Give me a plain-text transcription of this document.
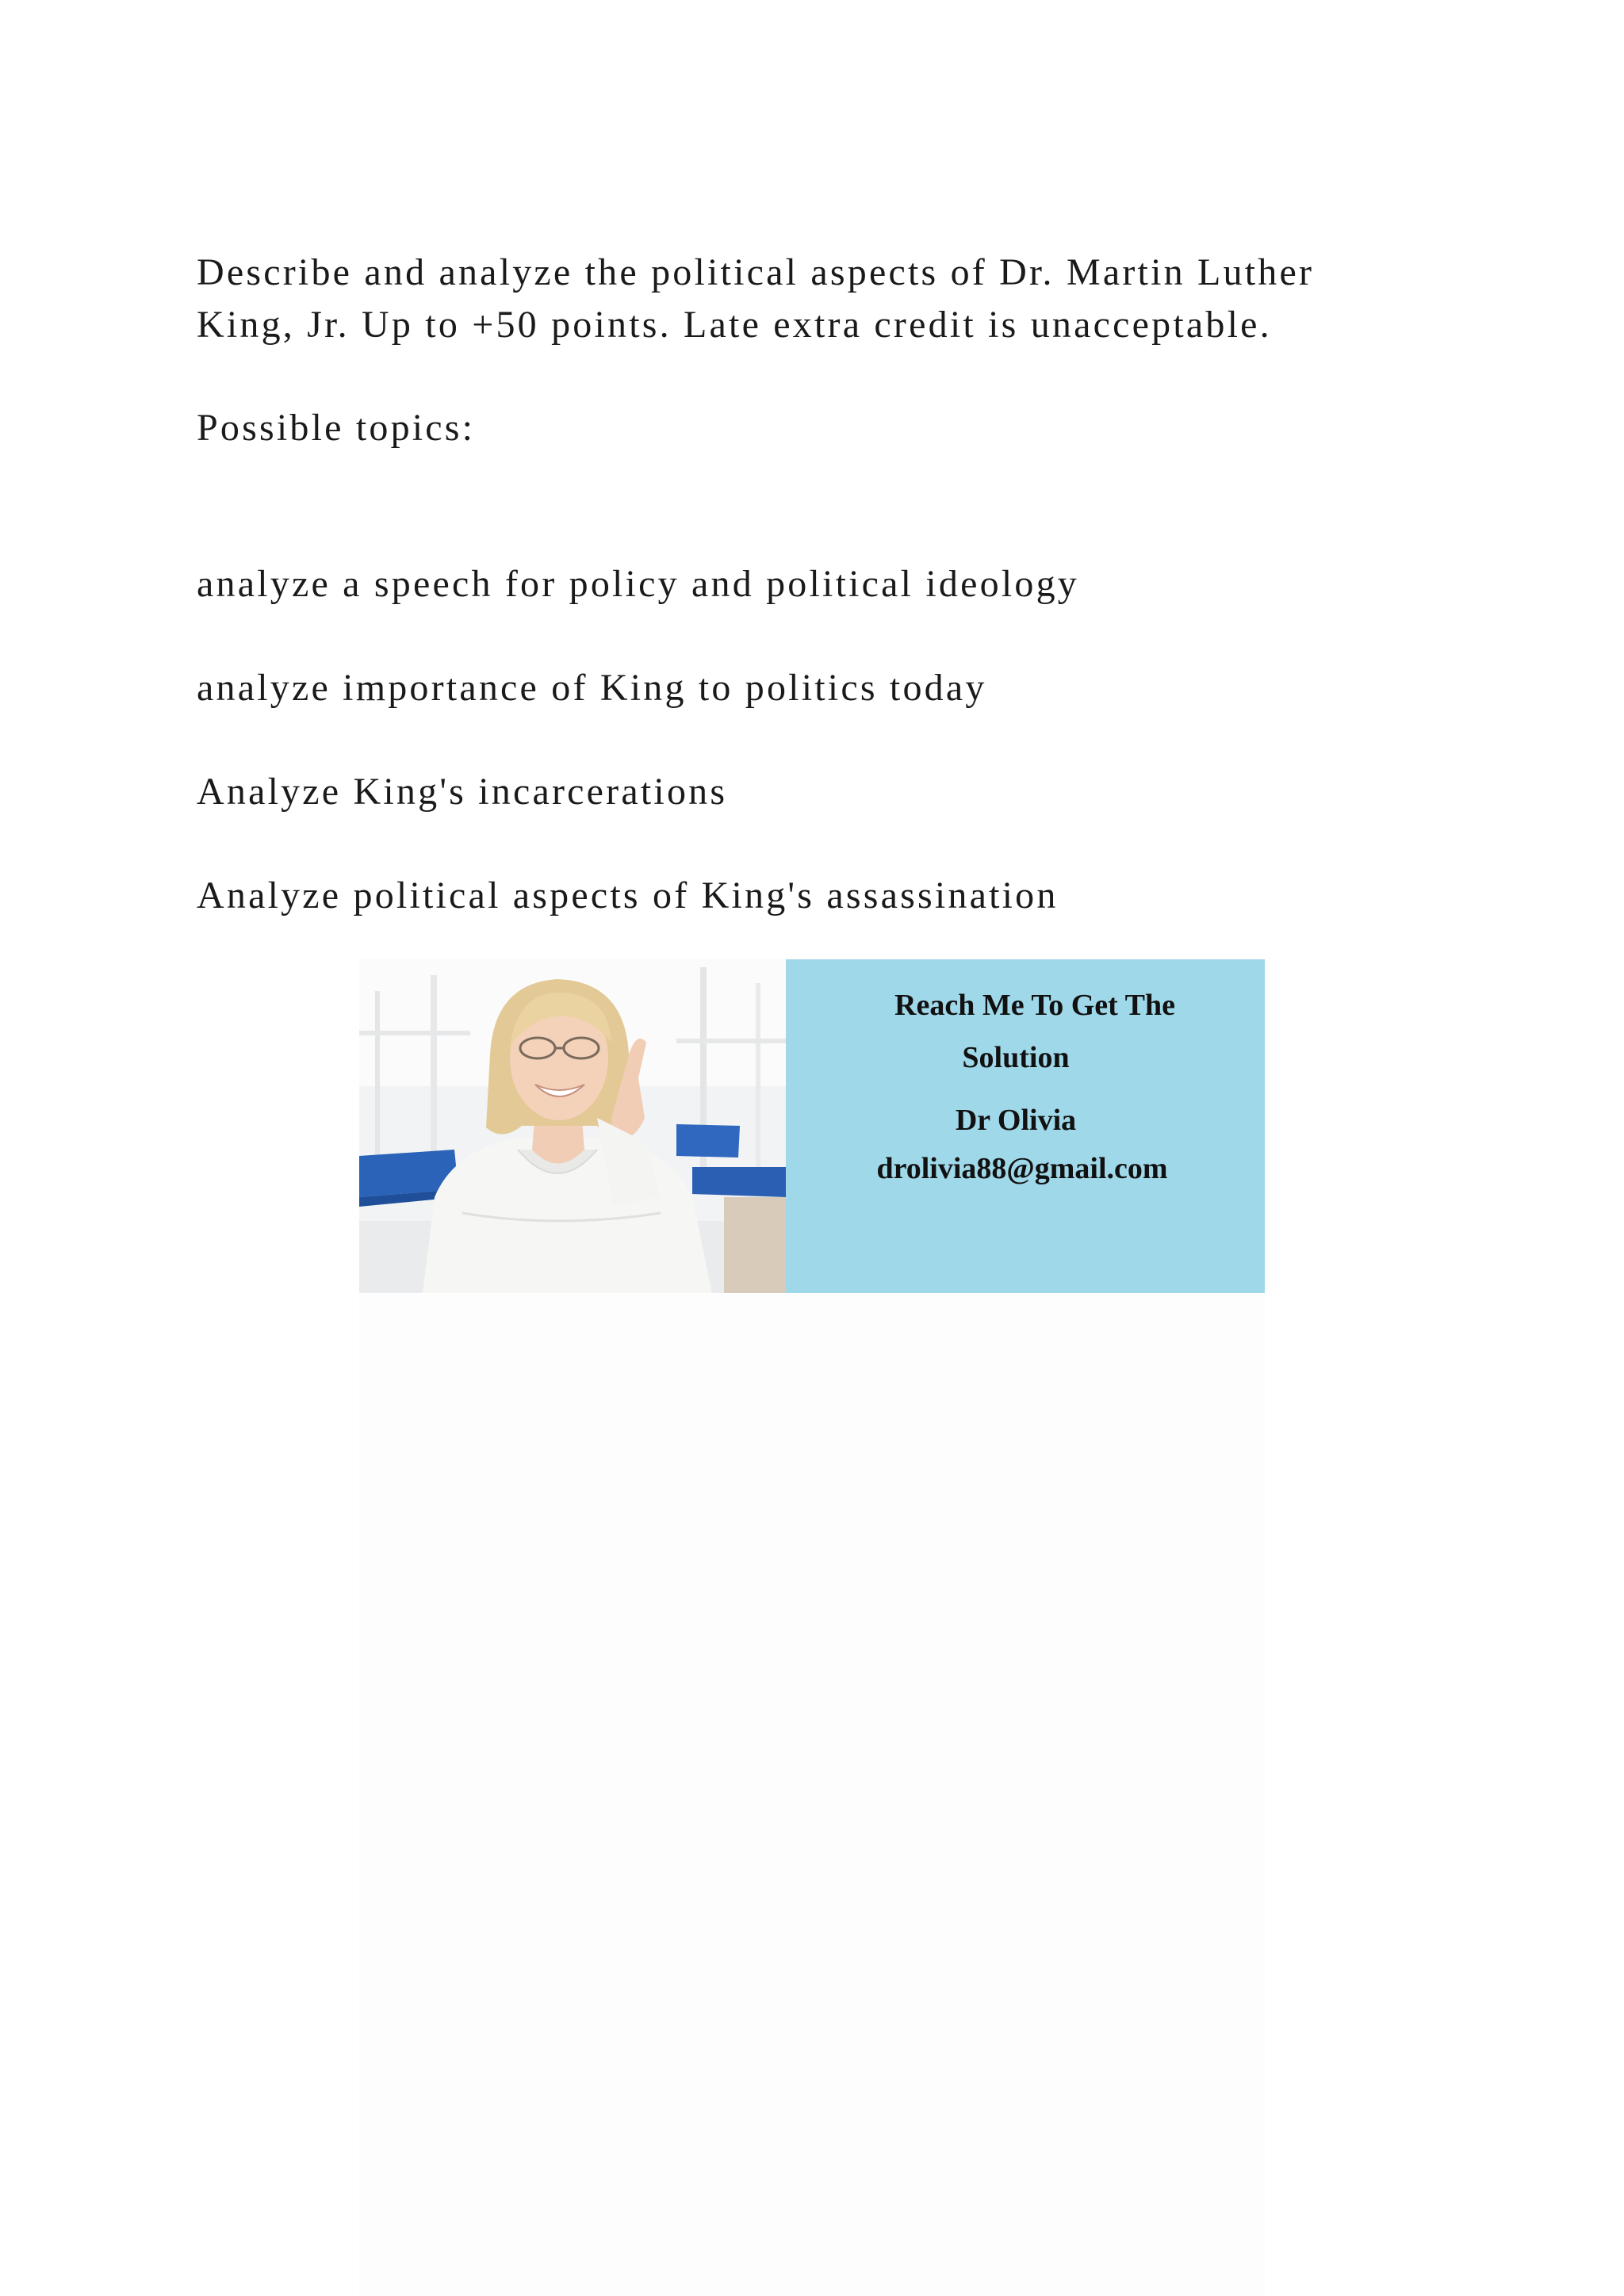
Describe and analyze the political aspects of Dr. Martin Luther
King, Jr. Up to +50 points. Late extra credit is unacceptable.

Possible topics:

analyze a speech for policy and political ideology

analyze importance of King to politics today

Analyze King's incarcerations

Analyze political aspects of King's assassination

Reach Me To Get The
Solution
Dr Olivia
drolivia88@gmail.com
